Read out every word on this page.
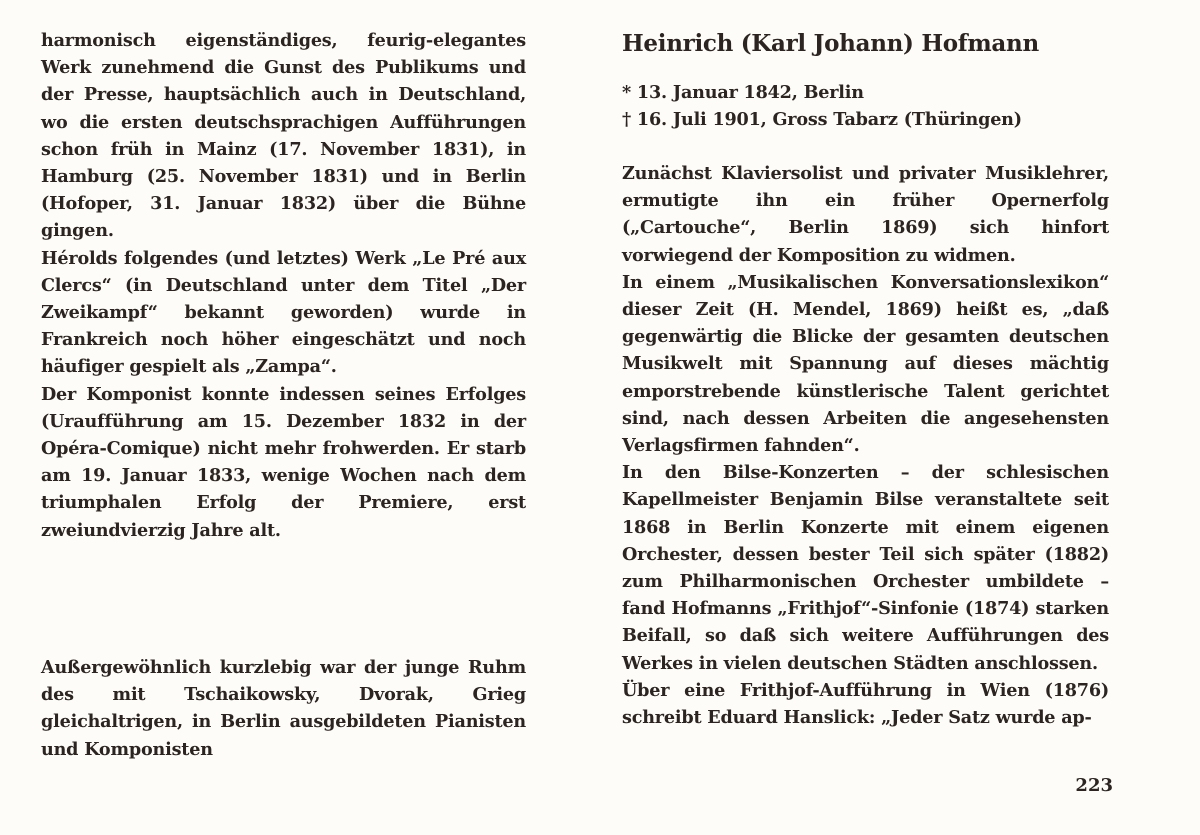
harmonisch eigenständiges, feurig-elegantes Werk zunehmend die Gunst des Publikums und der Presse, hauptsächlich auch in Deutschland, wo die ersten deutschsprachigen Aufführungen schon früh in Mainz (17. November 1831), in Hamburg (25. November 1831) und in Berlin (Hofoper, 31. Januar 1832) über die Bühne gingen.

Hérolds folgendes (und letztes) Werk „Le Pré aux Clercs“ (in Deutschland unter dem Titel „Der Zweikampf“ bekannt geworden) wurde in Frankreich noch höher eingeschätzt und noch häufiger gespielt als „Zampa“.

Der Komponist konnte indessen seines Erfolges (Uraufführung am 15. Dezember 1832 in der Opéra-Comique) nicht mehr frohwerden. Er starb am 19. Januar 1833, wenige Wochen nach dem triumphalen Erfolg der Premiere, erst zweiundvierzig Jahre alt.

Außergewöhnlich kurzlebig war der junge Ruhm des mit Tschaikowsky, Dvorak, Grieg gleichaltrigen, in Berlin ausgebildeten Pianisten und Komponisten

Heinrich (Karl Johann) Hofmann
* 13. Januar 1842, Berlin
† 16. Juli 1901, Gross Tabarz (Thüringen)

Zunächst Klaviersolist und privater Musiklehrer, ermutigte ihn ein früher Opernerfolg („Cartouche“, Berlin 1869) sich hinfort vorwiegend der Komposition zu widmen.

In einem „Musikalischen Konversationslexikon“ dieser Zeit (H. Mendel, 1869) heißt es, „daß gegenwärtig die Blicke der gesamten deutschen Musikwelt mit Spannung auf dieses mächtig emporstrebende künstlerische Talent gerichtet sind, nach dessen Arbeiten die angesehensten Verlagsfirmen fahnden“.

In den Bilse-Konzerten – der schlesischen Kapellmeister Benjamin Bilse veranstaltete seit 1868 in Berlin Konzerte mit einem eigenen Orchester, dessen bester Teil sich später (1882) zum Philharmonischen Orchester umbildete – fand Hofmanns „Frithjof“-Sinfonie (1874) starken Beifall, so daß sich weitere Aufführungen des Werkes in vielen deutschen Städten anschlossen.

Über eine Frithjof-Aufführung in Wien (1876) schreibt Eduard Hanslick: „Jeder Satz wurde ap-

223
